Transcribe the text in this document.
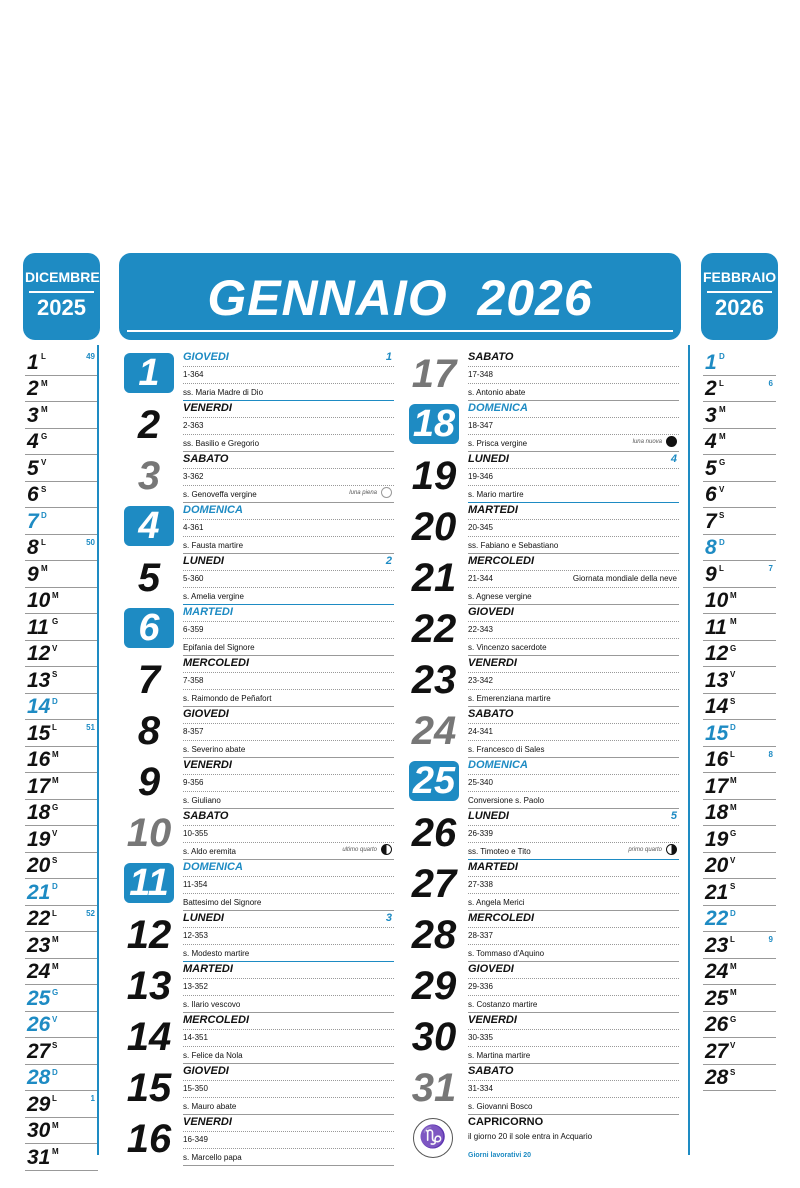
DICEMBRE
2025
1 L	49
2 M
3 M
4 G
5 V
6 S
7 D
8 L	50
9 M
10 M
11 G
12 V
13 S
14 D
15 L	51
16 M
17 M
18 G
19 V
20 S
21 D
22 L	52
23 M
24 M
25 G
26 V
27 S
28 D
29 L	1
30 M
31 M
GENNAIO  2026
1	GIOVEDI
1-364
ss. Maria Madre di Dio
1
2	VENERDI
2-363
ss. Basilio e Gregorio
3	SABATO
3-362
s. Genoveffa vergine	luna piena
4	DOMENICA
4-361
s. Fausta martire
5	LUNEDI
5-360
s. Amelia vergine
2
6	MARTEDI
6-359
Epifania del Signore
7	MERCOLEDI
7-358
s. Raimondo de Peñafort
8	GIOVEDI
8-357
s. Severino abate
9	VENERDI
9-356
s. Giuliano
10	SABATO
10-355
s. Aldo eremita	ultimo quarto
11	DOMENICA
11-354
Battesimo del Signore
12	LUNEDI
12-353
s. Modesto martire
3
13	MARTEDI
13-352
s. Ilario vescovo
14	MERCOLEDI
14-351
s. Felice da Nola
15	GIOVEDI
15-350
s. Mauro abate
16	VENERDI
16-349
s. Marcello papa
17	SABATO
17-348
s. Antonio abate
18	DOMENICA
18-347
s. Prisca vergine	luna nuova
19	LUNEDI
19-346
s. Mario martire
4
20	MARTEDI
20-345
ss. Fabiano e Sebastiano
21	MERCOLEDI
21-344
s. Agnese vergine
Giornata mondiale della neve
22	GIOVEDI
22-343
s. Vincenzo sacerdote
23	VENERDI
23-342
s. Emerenziana martire
24	SABATO
24-341
s. Francesco di Sales
25	DOMENICA
25-340
Conversione s. Paolo
26	LUNEDI
26-339
ss. Timoteo e Tito
5
primo quarto
27	MARTEDI
27-338
s. Angela Merici
28	MERCOLEDI
28-337
s. Tommaso d'Aquino
29	GIOVEDI
29-336
s. Costanzo martire
30	VENERDI
30-335
s. Martina martire
31	SABATO
31-334
s. Giovanni Bosco
♑
CAPRICORNO
il giorno 20 il sole entra in Acquario
Giorni lavorativi 20
FEBBRAIO
2026
1 D
2 L	6
3 M
4 M
5 G
6 V
7 S
8 D
9 L	7
10 M
11 M
12 G
13 V
14 S
15 D
16 L	8
17 M
18 M
19 G
20 V
21 S
22 D
23 L	9
24 M
25 M
26 G
27 V
28 S
